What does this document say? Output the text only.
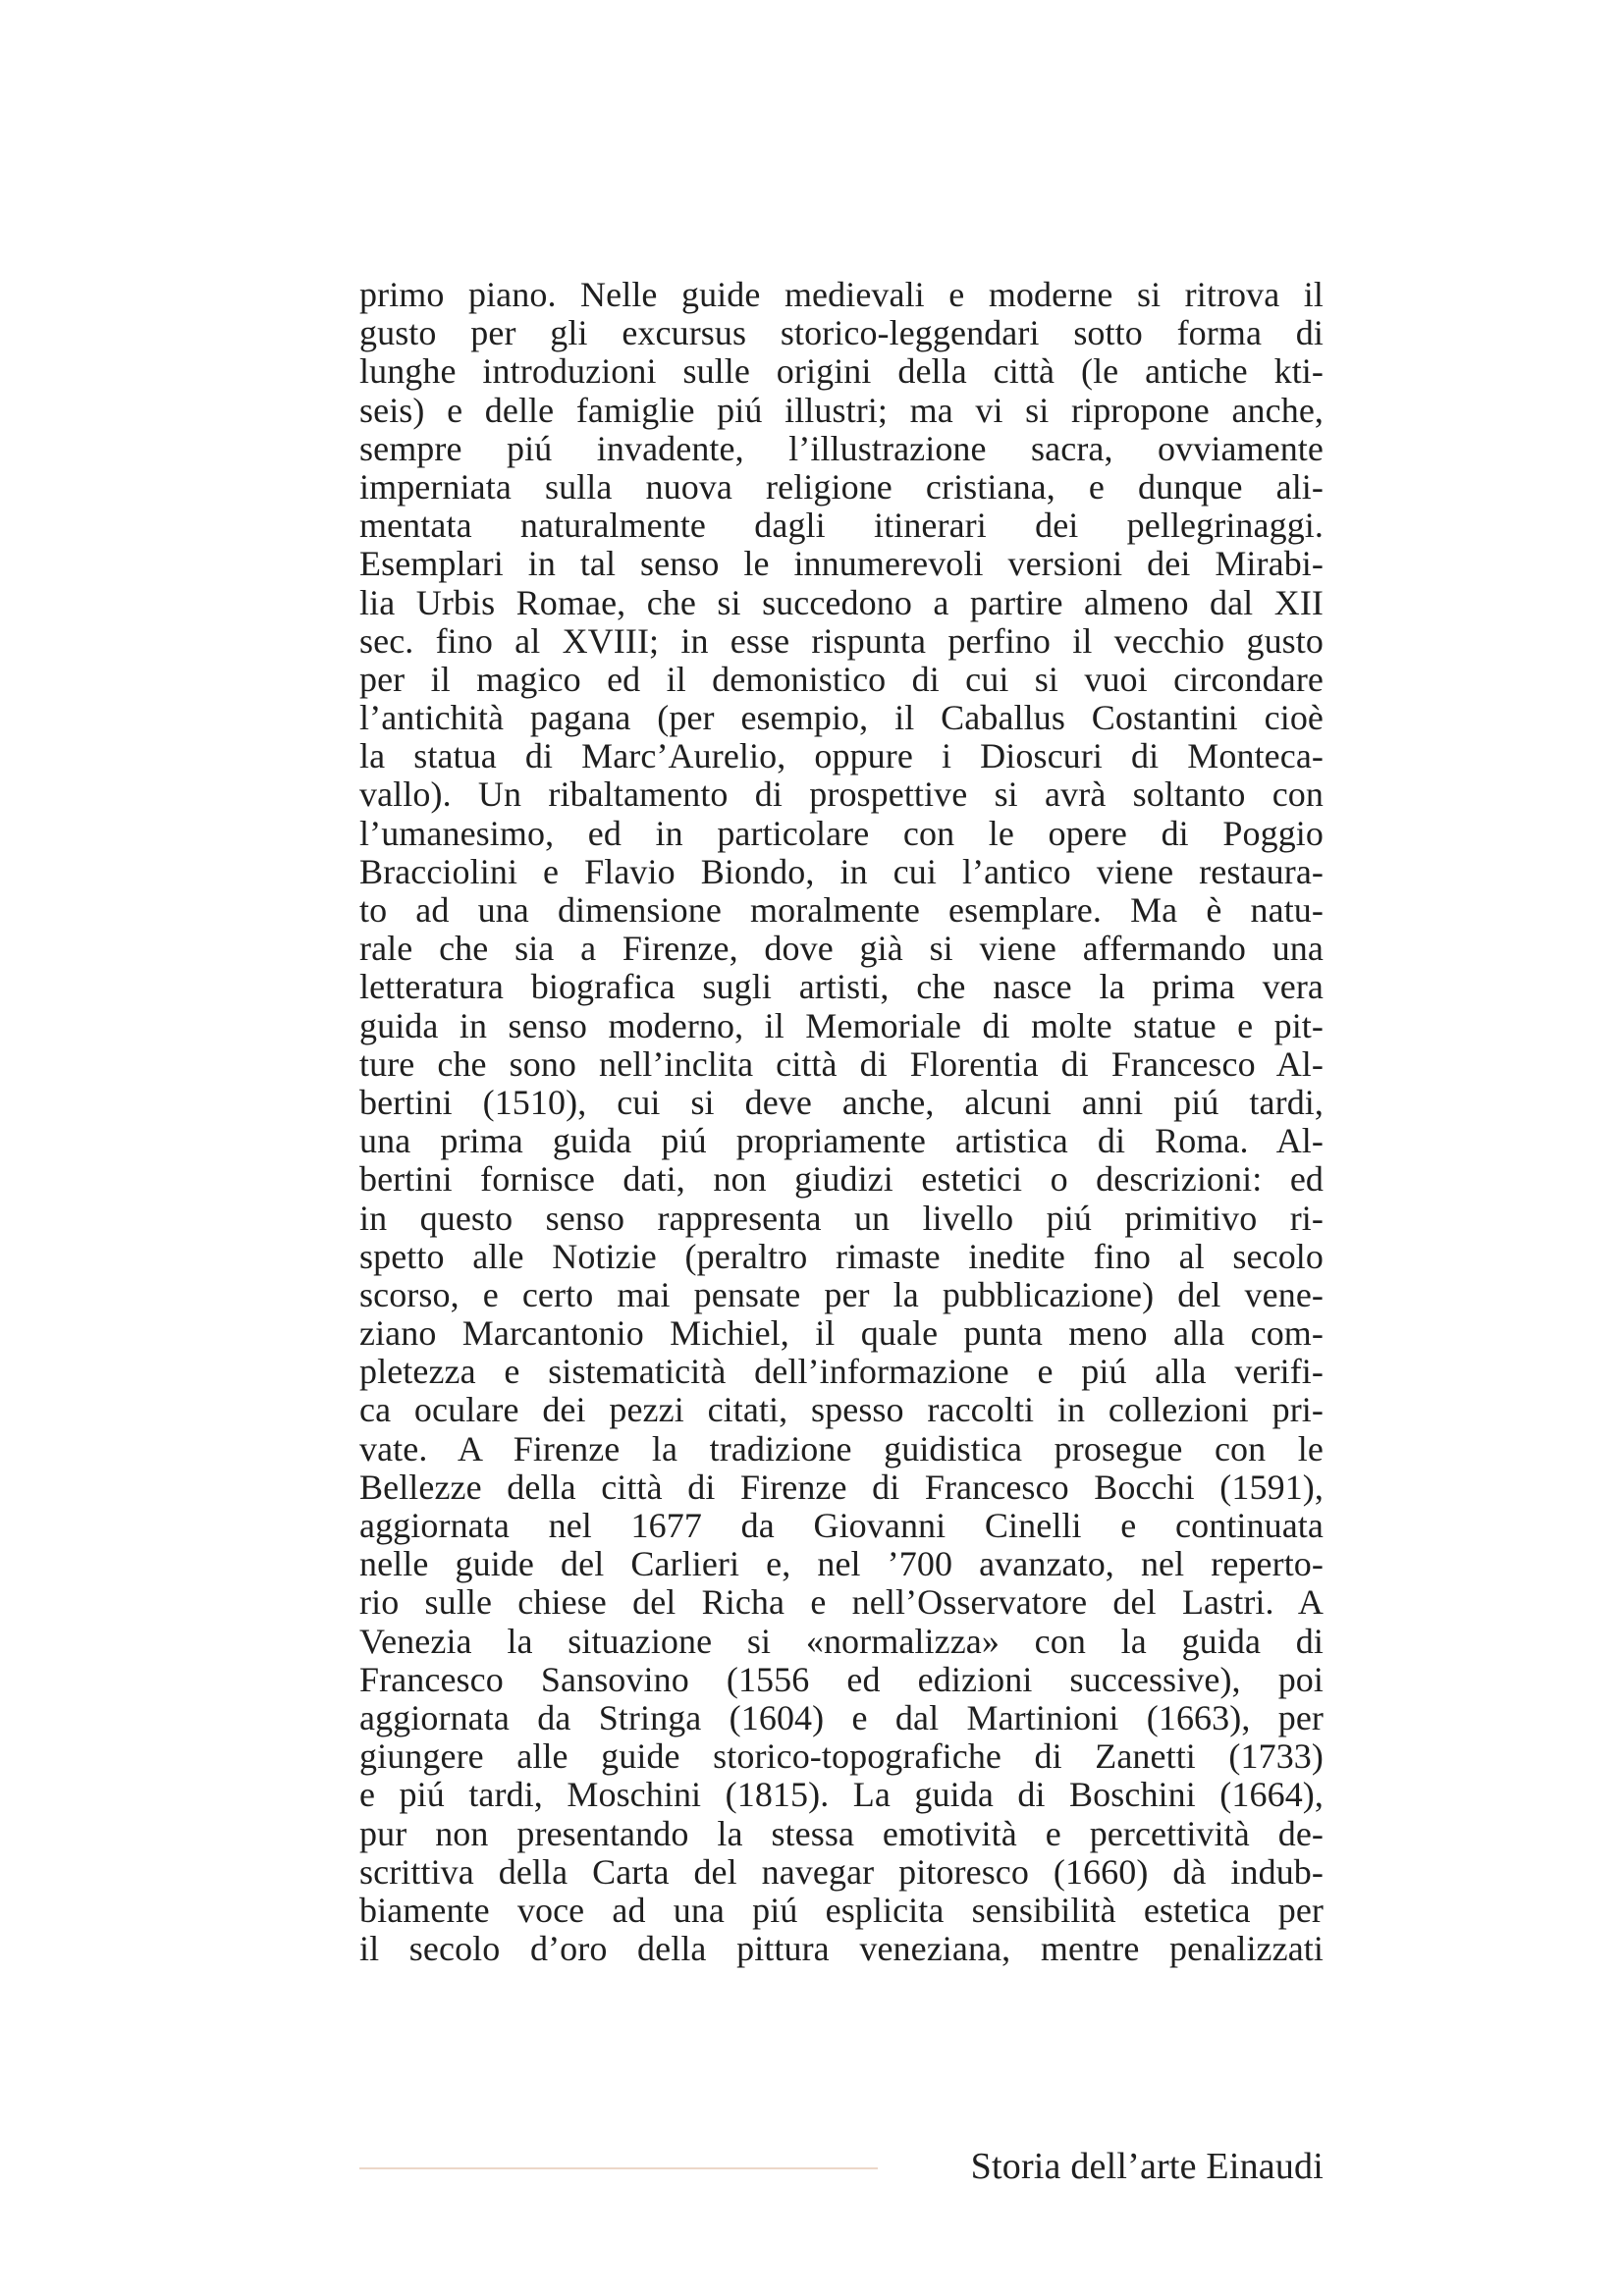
primo piano. Nelle guide medievali e moderne si ritrova il
gusto per gli excursus storico-leggendari sotto forma di
lunghe introduzioni sulle origini della città (le antiche kti-
seis) e delle famiglie piú illustri; ma vi si ripropone anche,
sempre piú invadente, l’illustrazione sacra, ovviamente
imperniata sulla nuova religione cristiana, e dunque ali-
mentata naturalmente dagli itinerari dei pellegrinaggi.
Esemplari in tal senso le innumerevoli versioni dei Mirabi-
lia Urbis Romae, che si succedono a partire almeno dal XII
sec. fino al XVIII; in esse rispunta perfino il vecchio gusto
per il magico ed il demonistico di cui si vuoi circondare
l’antichità pagana (per esempio, il Caballus Costantini cioè
la statua di Marc’Aurelio, oppure i Dioscuri di Monteca-
vallo). Un ribaltamento di prospettive si avrà soltanto con
l’umanesimo, ed in particolare con le opere di Poggio
Bracciolini e Flavio Biondo, in cui l’antico viene restaura-
to ad una dimensione moralmente esemplare. Ma è natu-
rale che sia a Firenze, dove già si viene affermando una
letteratura biografica sugli artisti, che nasce la prima vera
guida in senso moderno, il Memoriale di molte statue e pit-
ture che sono nell’inclita città di Florentia di Francesco Al-
bertini (1510), cui si deve anche, alcuni anni piú tardi,
una prima guida piú propriamente artistica di Roma. Al-
bertini fornisce dati, non giudizi estetici o descrizioni: ed
in questo senso rappresenta un livello piú primitivo ri-
spetto alle Notizie (peraltro rimaste inedite fino al secolo
scorso, e certo mai pensate per la pubblicazione) del vene-
ziano Marcantonio Michiel, il quale punta meno alla com-
pletezza e sistematicità dell’informazione e piú alla verifi-
ca oculare dei pezzi citati, spesso raccolti in collezioni pri-
vate. A Firenze la tradizione guidistica prosegue con le
Bellezze della città di Firenze di Francesco Bocchi (1591),
aggiornata nel 1677 da Giovanni Cinelli e continuata
nelle guide del Carlieri e, nel ’700 avanzato, nel reperto-
rio sulle chiese del Richa e nell’Osservatore del Lastri. A
Venezia la situazione si «normalizza» con la guida di
Francesco Sansovino (1556 ed edizioni successive), poi
aggiornata da Stringa (1604) e dal Martinioni (1663), per
giungere alle guide storico-topografiche di Zanetti (1733)
e piú tardi, Moschini (1815). La guida di Boschini (1664),
pur non presentando la stessa emotività e percettività de-
scrittiva della Carta del navegar pitoresco (1660) dà indub-
biamente voce ad una piú esplicita sensibilità estetica per
il secolo d’oro della pittura veneziana, mentre penalizzati
Storia dell’arte Einaudi
